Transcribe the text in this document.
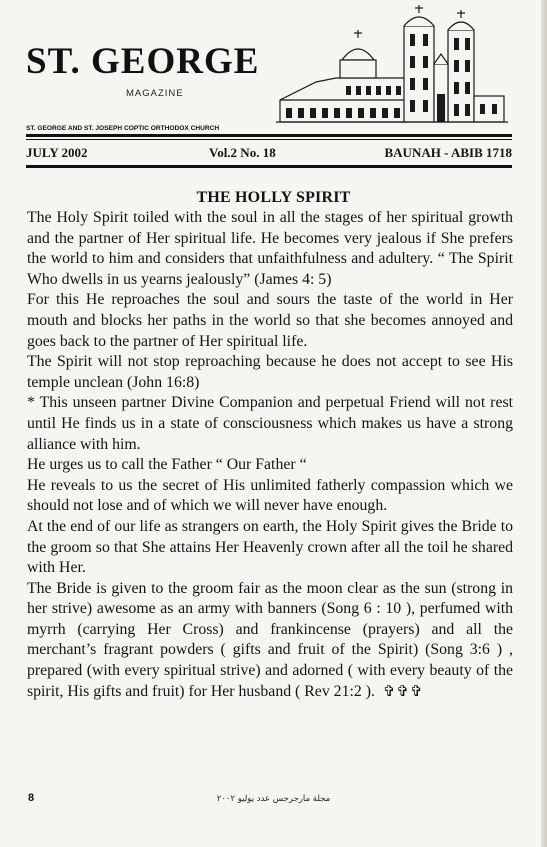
ST. GEORGE
MAGAZINE
ST. GEORGE AND ST. JOSEPH COPTIC ORTHODOX CHURCH
JULY 2002	Vol.2 No. 18	BAUNAH - ABIB 1718
THE HOLLY SPIRIT

The Holy Spirit toiled with the soul in all the stages of her spiritual growth and the partner of Her spiritual life. He becomes very jealous if She prefers the world to him and considers that unfaithfulness and adultery. “ The Spirit Who dwells in us yearns jealously” (James 4: 5)

For this He reproaches the soul and sours the taste of the world in Her mouth and blocks her paths in the world so that she becomes annoyed and goes back to the partner of Her spiritual life.

The Spirit will not stop reproaching because he does not accept to see His temple unclean (John 16:8)

* This unseen partner Divine Companion and perpetual Friend will not rest until He finds us in a state of consciousness which makes us have a strong alliance with him.

He urges us to call the Father “ Our Father “

He reveals to us the secret of His unlimited fatherly compassion which we should not lose and of which we will never have enough.

At the end of our life as strangers on earth, the Holy Spirit gives the Bride to the groom so that She attains Her Heavenly crown after all the toil he shared with Her.

The Bride is given to the groom fair as the moon clear as the sun (strong in her strive) awesome as an army with banners (Song 6 : 10 ), perfumed with myrrh (carrying Her Cross) and frankincense (prayers) and all the merchant’s fragrant powders ( gifts and fruit of the Spirit) (Song 3:6 ) , prepared (with every spiritual strive) and adorned ( with every beauty of the spirit, His gifts and fruit) for Her husband ( Rev 21:2 ). ✞✞✞

8	مجلة مارجرجس عدد يوليو ٢٠٠٢
